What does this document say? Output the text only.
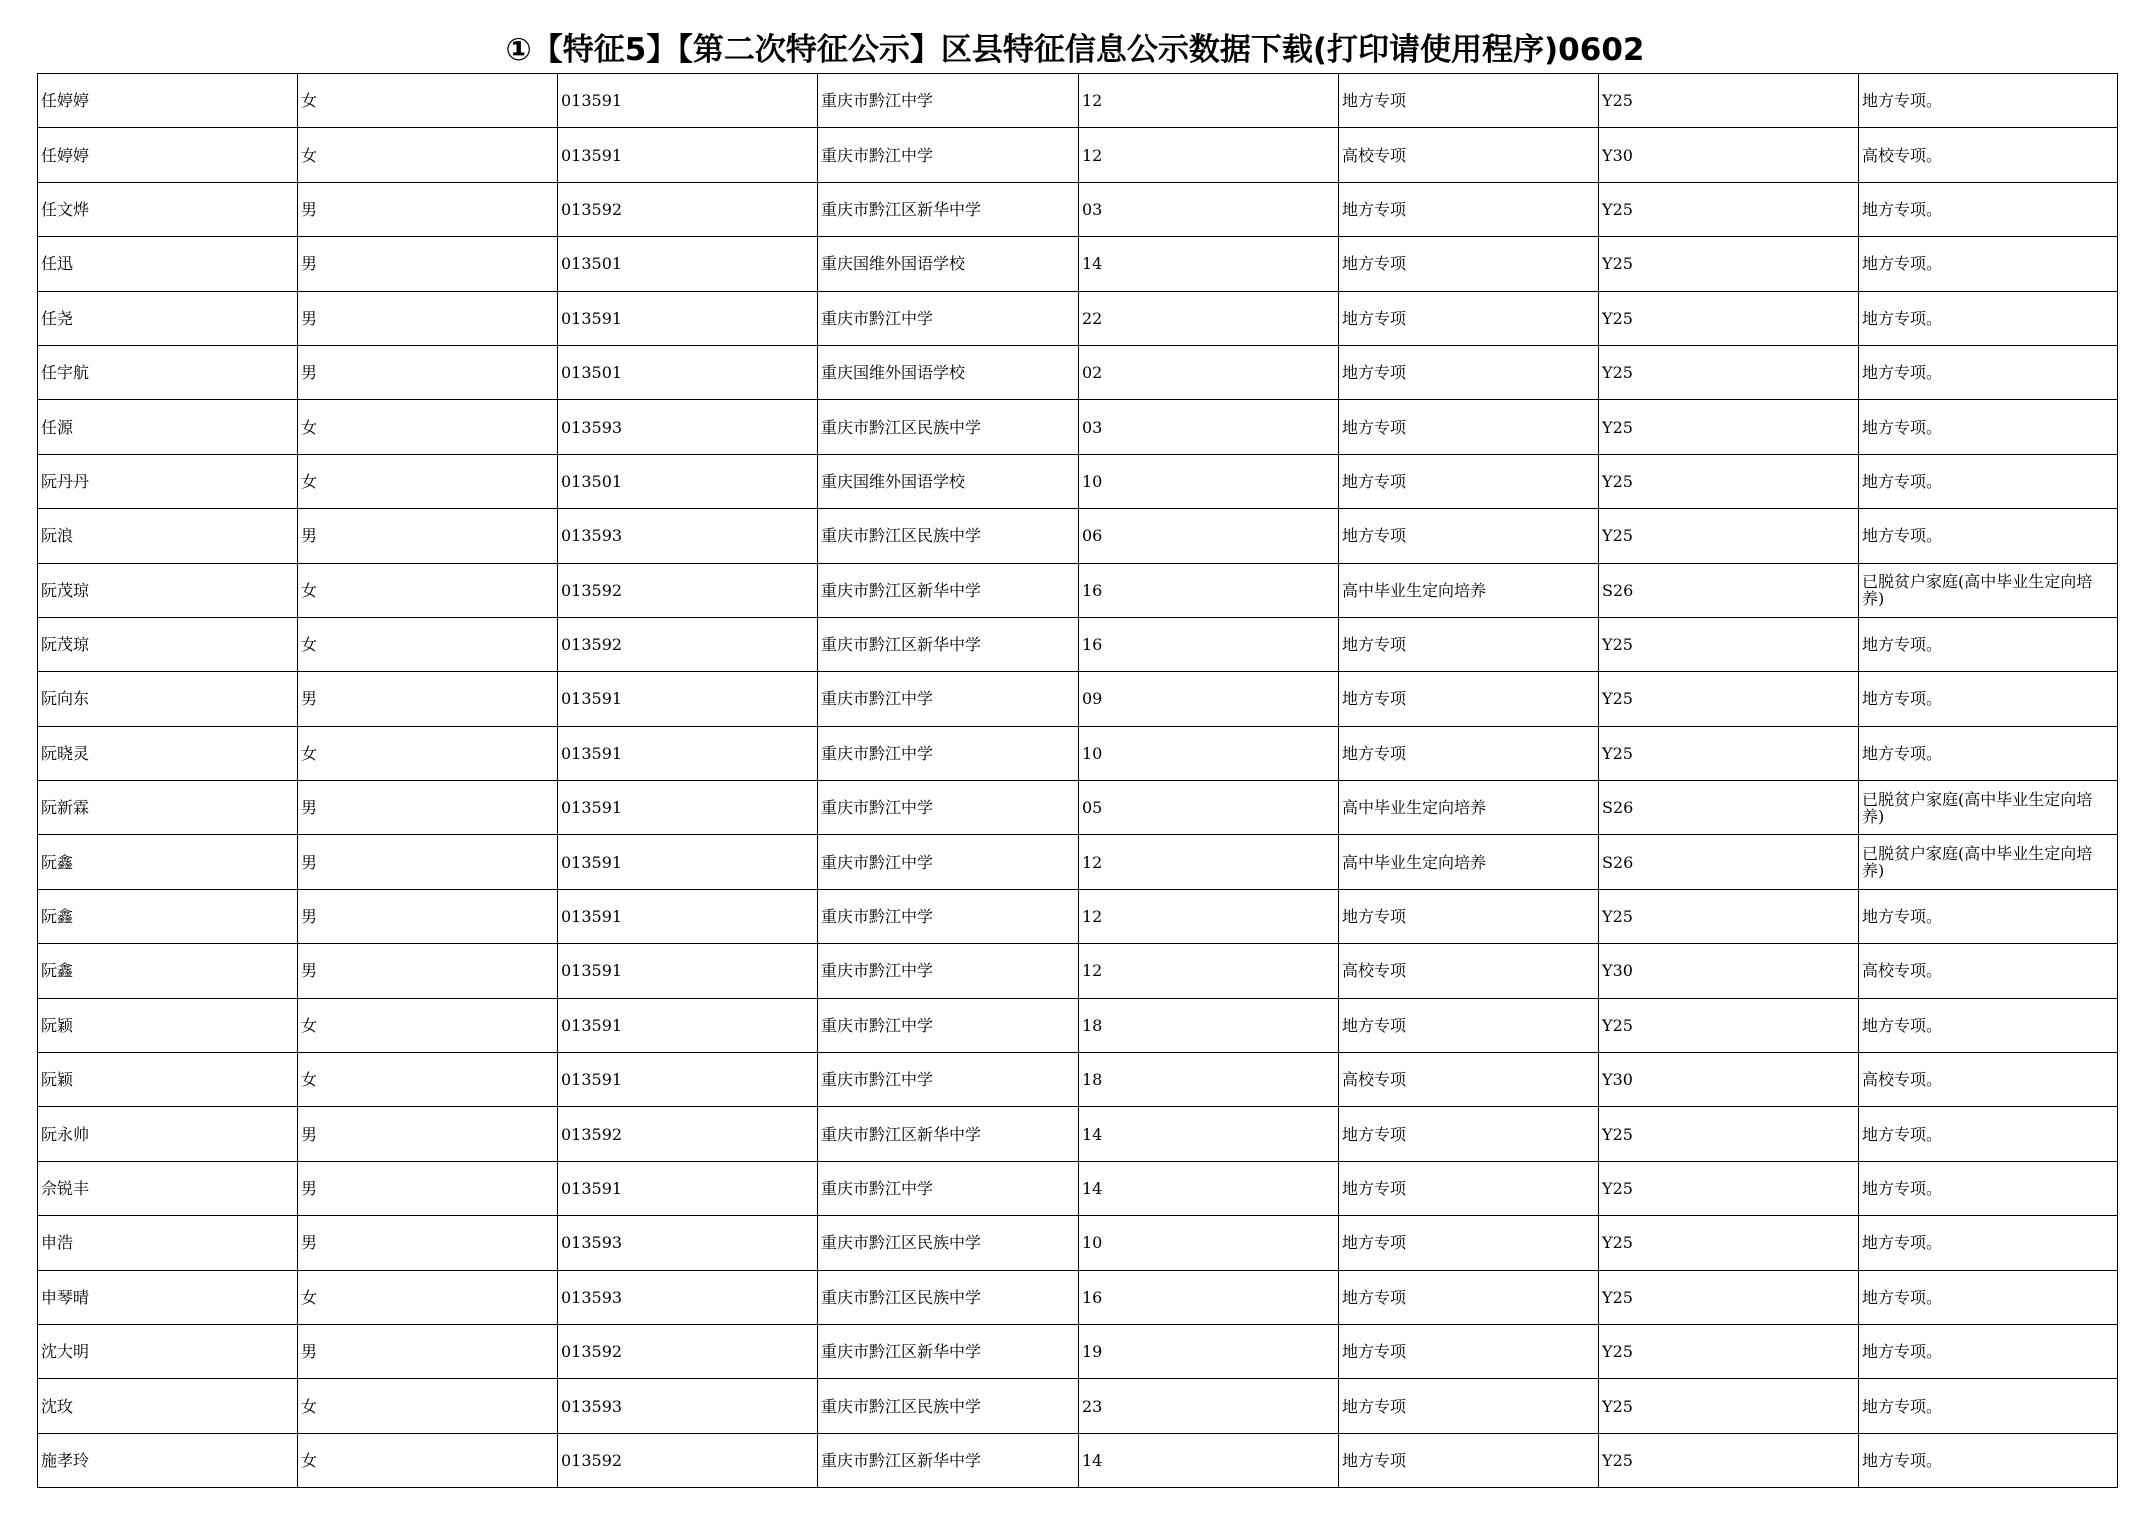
①【特征5】【第二次特征公示】区县特征信息公示数据下载(打印请使用程序)0602
任婷婷	女	013591	重庆市黔江中学	12	地方专项	Y25	地方专项。
任婷婷	女	013591	重庆市黔江中学	12	高校专项	Y30	高校专项。
任文烨	男	013592	重庆市黔江区新华中学	03	地方专项	Y25	地方专项。
任迅	男	013501	重庆国维外国语学校	14	地方专项	Y25	地方专项。
任尧	男	013591	重庆市黔江中学	22	地方专项	Y25	地方专项。
任宇航	男	013501	重庆国维外国语学校	02	地方专项	Y25	地方专项。
任源	女	013593	重庆市黔江区民族中学	03	地方专项	Y25	地方专项。
阮丹丹	女	013501	重庆国维外国语学校	10	地方专项	Y25	地方专项。
阮浪	男	013593	重庆市黔江区民族中学	06	地方专项	Y25	地方专项。
阮茂琼	女	013592	重庆市黔江区新华中学	16	高中毕业生定向培养	S26	已脱贫户家庭(高中毕业生定向培养)
阮茂琼	女	013592	重庆市黔江区新华中学	16	地方专项	Y25	地方专项。
阮向东	男	013591	重庆市黔江中学	09	地方专项	Y25	地方专项。
阮晓灵	女	013591	重庆市黔江中学	10	地方专项	Y25	地方专项。
阮新霖	男	013591	重庆市黔江中学	05	高中毕业生定向培养	S26	已脱贫户家庭(高中毕业生定向培养)
阮鑫	男	013591	重庆市黔江中学	12	高中毕业生定向培养	S26	已脱贫户家庭(高中毕业生定向培养)
阮鑫	男	013591	重庆市黔江中学	12	地方专项	Y25	地方专项。
阮鑫	男	013591	重庆市黔江中学	12	高校专项	Y30	高校专项。
阮颖	女	013591	重庆市黔江中学	18	地方专项	Y25	地方专项。
阮颖	女	013591	重庆市黔江中学	18	高校专项	Y30	高校专项。
阮永帅	男	013592	重庆市黔江区新华中学	14	地方专项	Y25	地方专项。
佘锐丰	男	013591	重庆市黔江中学	14	地方专项	Y25	地方专项。
申浩	男	013593	重庆市黔江区民族中学	10	地方专项	Y25	地方专项。
申琴晴	女	013593	重庆市黔江区民族中学	16	地方专项	Y25	地方专项。
沈大明	男	013592	重庆市黔江区新华中学	19	地方专项	Y25	地方专项。
沈玫	女	013593	重庆市黔江区民族中学	23	地方专项	Y25	地方专项。
施孝玲	女	013592	重庆市黔江区新华中学	14	地方专项	Y25	地方专项。
